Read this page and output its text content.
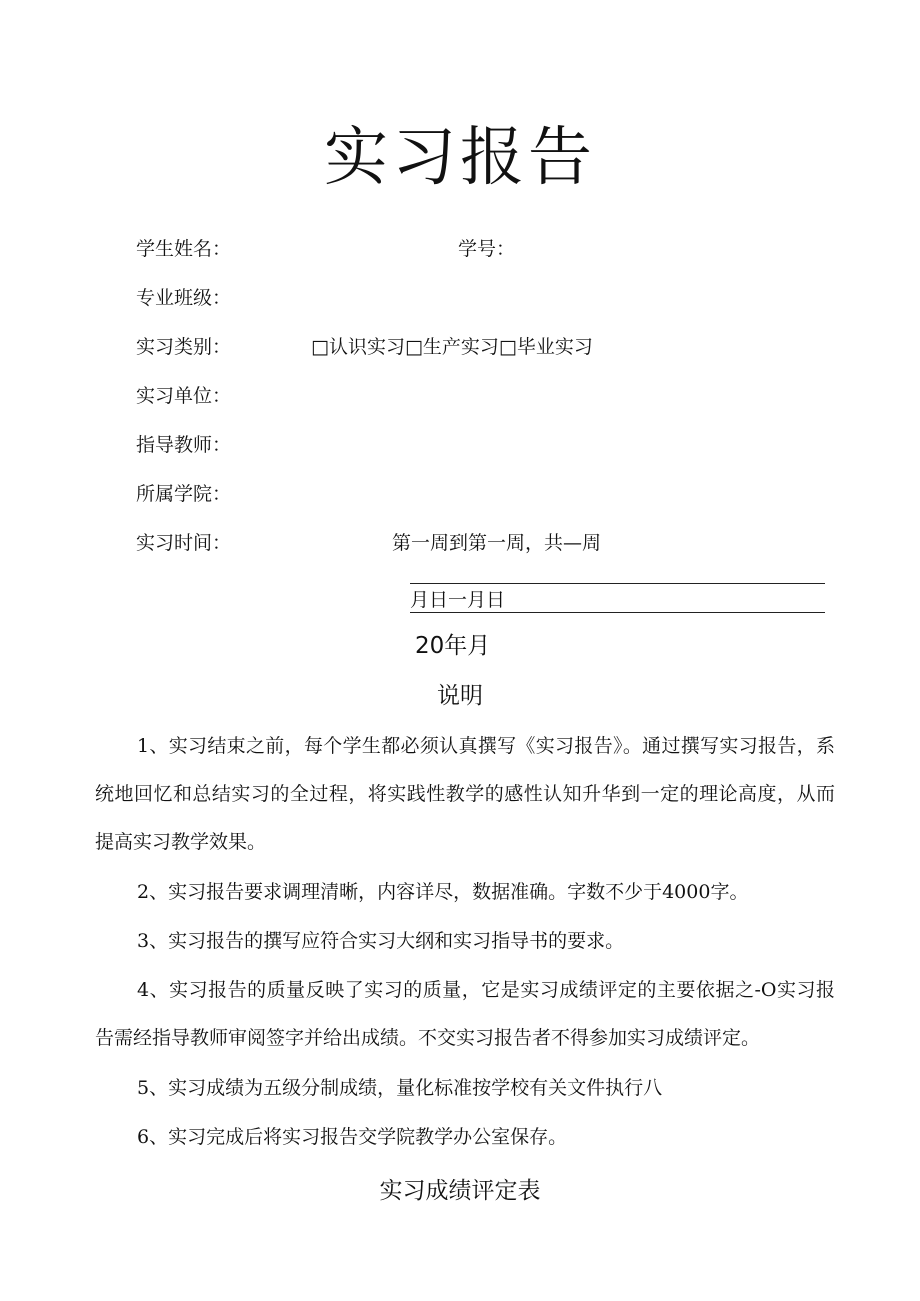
实习报告
学生姓名：	学号：
专业班级：
实习类别：	□认识实习□生产实习□毕业实习
实习单位：
指导教师：
所属学院：
实习时间：	第一周到第一周，共—周
月日一月日
20年月
说明
1、实习结束之前，每个学生都必须认真撰写《实习报告》。通过撰写实习报告，系统地回忆和总结实习的全过程，将实践性教学的感性认知升华到一定的理论高度，从而提高实习教学效果。
2、实习报告要求调理清晰，内容详尽，数据准确。字数不少于4000字。
3、实习报告的撰写应符合实习大纲和实习指导书的要求。
4、实习报告的质量反映了实习的质量，它是实习成绩评定的主要依据之-O实习报告需经指导教师审阅签字并给出成绩。不交实习报告者不得参加实习成绩评定。
5、实习成绩为五级分制成绩，量化标准按学校有关文件执行八
6、实习完成后将实习报告交学院教学办公室保存。
实习成绩评定表
